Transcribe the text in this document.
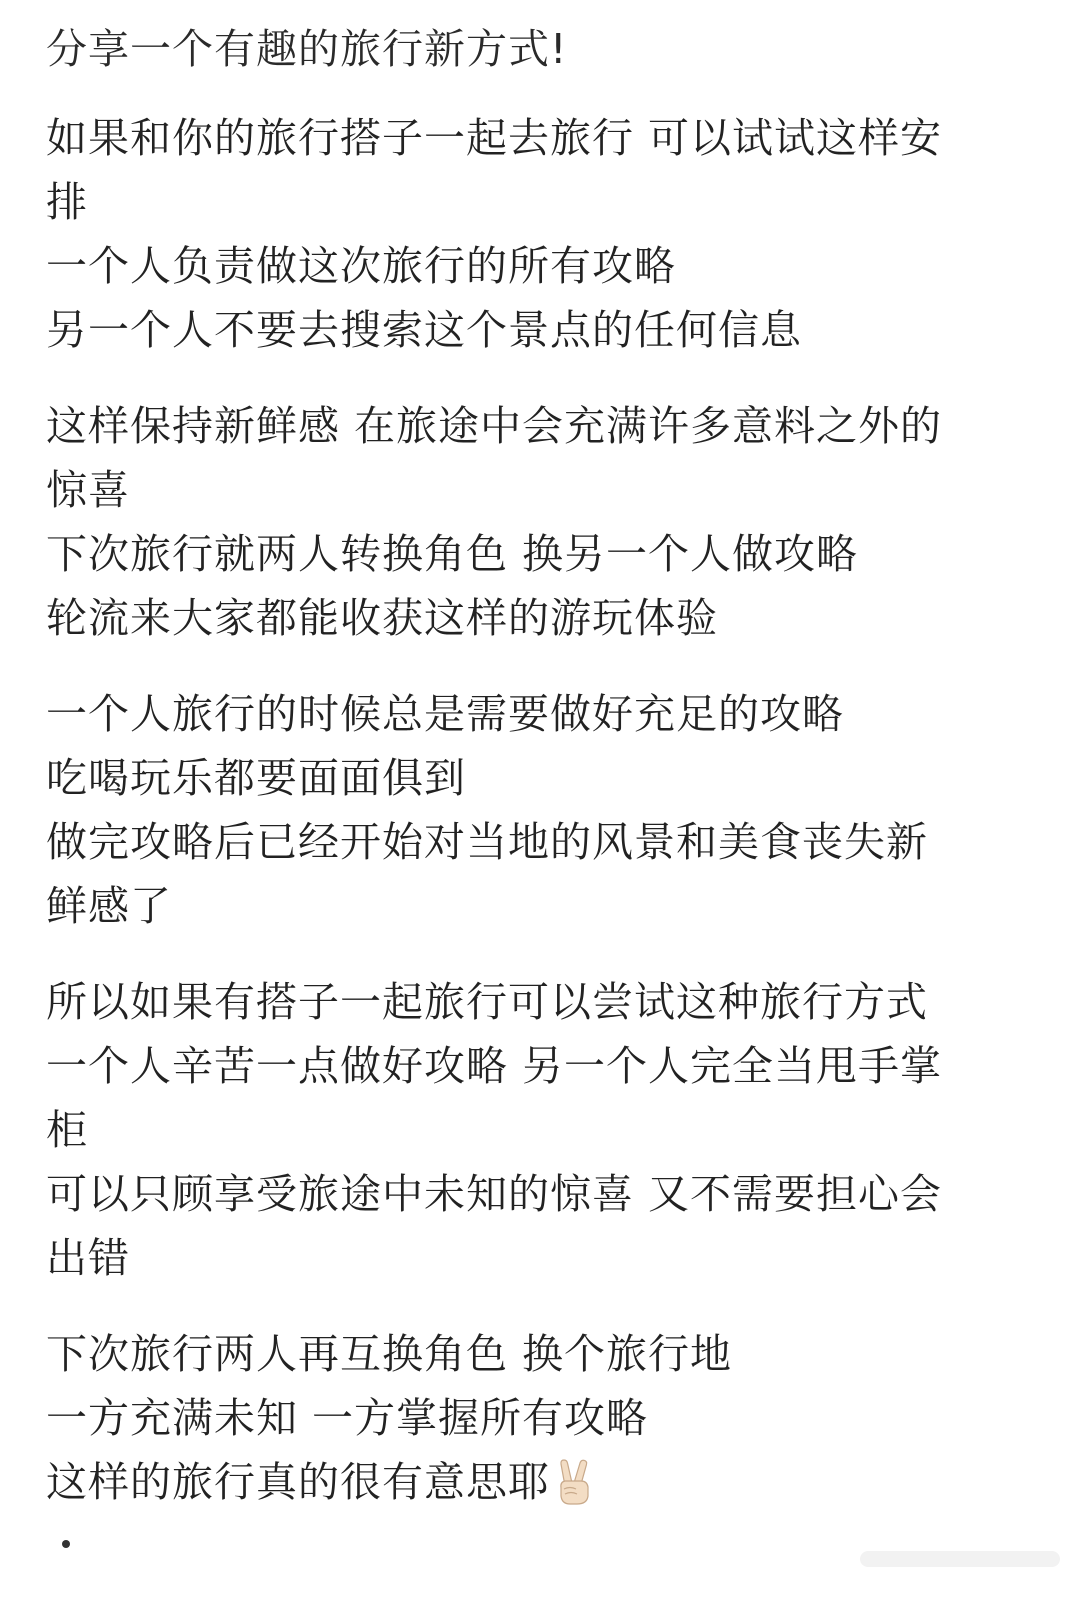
分享一个有趣的旅行新方式!
如果和你的旅行搭子一起去旅行 可以试试这样安
排
一个人负责做这次旅行的所有攻略
另一个人不要去搜索这个景点的任何信息
这样保持新鲜感 在旅途中会充满许多意料之外的
惊喜
下次旅行就两人转换角色 换另一个人做攻略
轮流来大家都能收获这样的游玩体验
一个人旅行的时候总是需要做好充足的攻略
吃喝玩乐都要面面俱到
做完攻略后已经开始对当地的风景和美食丧失新
鲜感了
所以如果有搭子一起旅行可以尝试这种旅行方式
一个人辛苦一点做好攻略 另一个人完全当甩手掌
柜
可以只顾享受旅途中未知的惊喜 又不需要担心会
出错
下次旅行两人再互换角色 换个旅行地
一方充满未知 一方掌握所有攻略
这样的旅行真的很有意思耶
